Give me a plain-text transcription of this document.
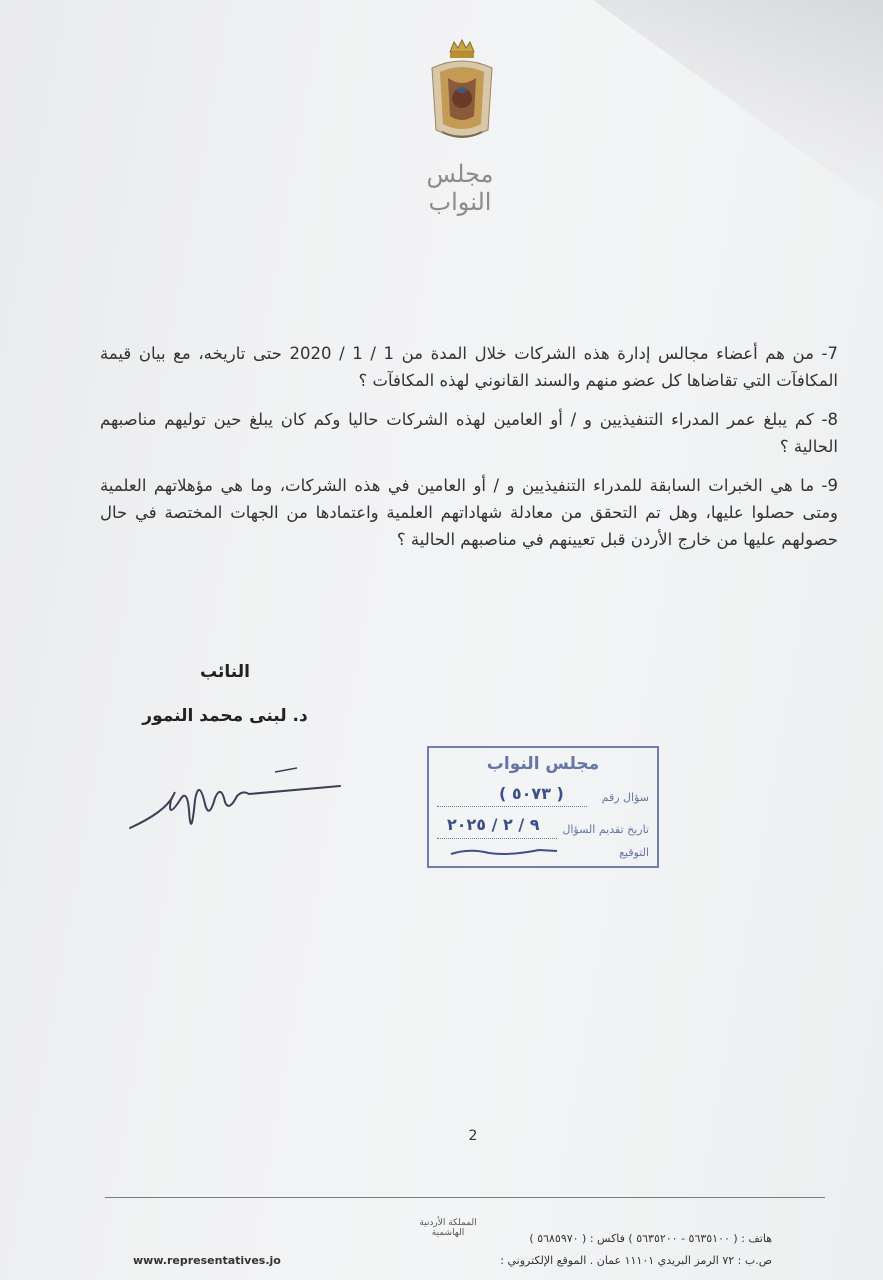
مجلس النواب

7- من هم أعضاء مجالس إدارة هذه الشركات خلال المدة من 1 / 1 / 2020 حتى تاريخه، مع بيان قيمة المكافآت التي تقاضاها كل عضو منهم والسند القانوني لهذه المكافآت ؟

8- كم يبلغ عمر المدراء التنفيذيين و / أو العامين لهذه الشركات حاليا وكم كان يبلغ حين توليهم مناصبهم الحالية ؟

9- ما هي الخبرات السابقة للمدراء التنفيذيين و / أو العامين في هذه الشركات، وما هي مؤهلاتهم العلمية ومتى حصلوا عليها، وهل تم التحقق من معادلة شهاداتهم العلمية واعتمادها من الجهات المختصة في حال حصولهم عليها من خارج الأردن قبل تعيينهم في مناصبهم الحالية ؟

النائب
د. لبنى محمد النمور
مجلس النواب
سؤال رقم
( ٥٠٧٣ )
تاريخ تقديم السؤال
٩ / ٢ / ٢٠٢٥
التوقيع
2
المملكة الأردنية الهاشمية	هاتف : ( ٥٦٣٥١٠٠ - ٥٦٣٥٢٠٠ ) فاكس : ( ٥٦٨٥٩٧٠ )
ص.ب : ٧٢ الرمز البريدي ١١١٠١ عمان . الموقع الإلكتروني :
www.representatives.jo
